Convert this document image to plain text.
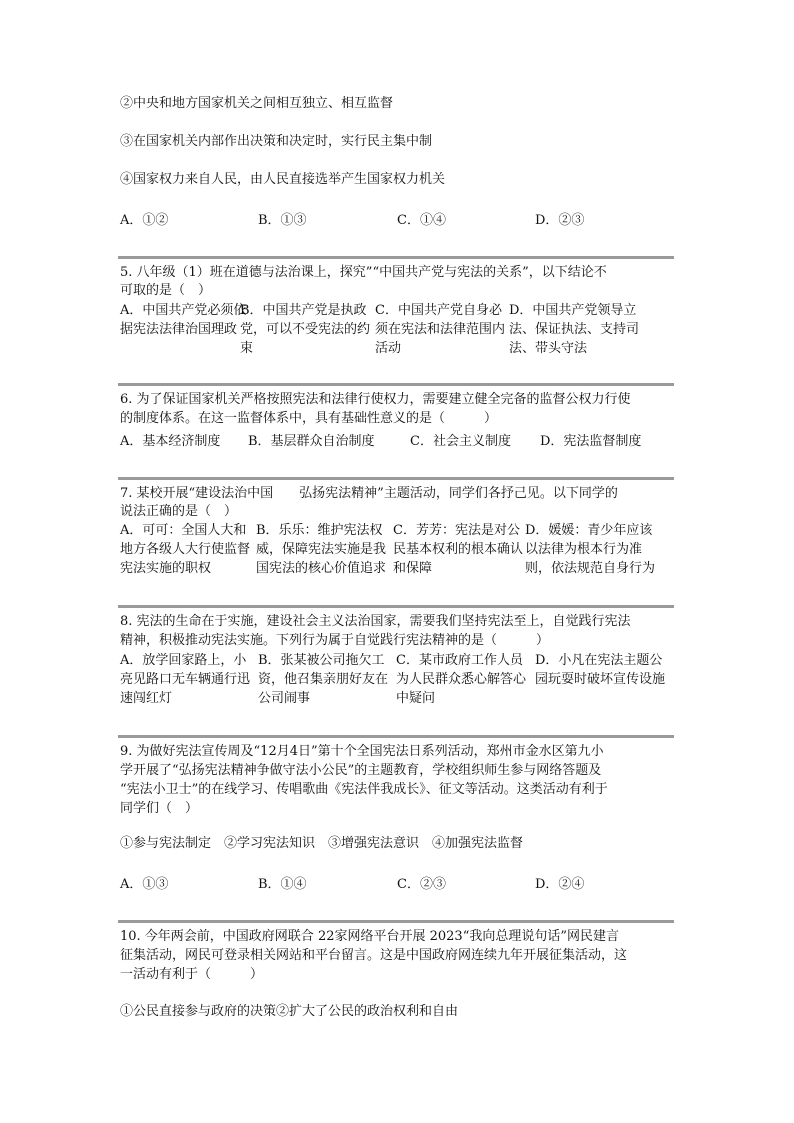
②中央和地方国家机关之间相互独立、相互监督
③在国家机关内部作出决策和决定时，实行民主集中制
④国家权力来自人民，由人民直接选举产生国家权力机关
A．①②	B．①③	C．①④	D．②③
5. 八年级（1）班在道德与法治课上，探究”“中国共产党与宪法的关系”，以下结论不
可取的是（　）
A．中国共产党必须依据宪法法律治国理政
B．中国共产党是执政党，可以不受宪法的约束
C．中国共产党自身必须在宪法和法律范围内活动
D．中国共产党领导立法、保证执法、支持司法、带头守法
6. 为了保证国家机关严格按照宪法和法律行使权力，需要建立健全完备的监督公权力行使
的制度体系。在这一监督体系中，具有基础性意义的是（　　　）
A．基本经济制度 B．基层群众自治制度	C．社会主义制度 D．宪法监督制度
7. 某校开展“建设法治中国　　弘扬宪法精神”主题活动，同学们各抒己见。以下同学的
说法正确的是（　）
A．可可：全国人大和地方各级人大行使监督宪法实施的职权
B．乐乐：维护宪法权威，保障宪法实施是我国宪法的核心价值追求
C．芳芳：宪法是对公民基本权利的根本确认和保障
D．媛媛：青少年应该以法律为根本行为准则，依法规范自身行为
8. 宪法的生命在于实施，建设社会主义法治国家，需要我们坚持宪法至上，自觉践行宪法
精神，积极推动宪法实施。下列行为属于自觉践行宪法精神的是（　　　）
A．放学回家路上，小亮见路口无车辆通行迅速闯红灯
B．张某被公司拖欠工资，他召集亲朋好友在公司闹事
C．某市政府工作人员为人民群众悉心解答心中疑问
D．小凡在宪法主题公园玩耍时破坏宣传设施
9. 为做好宪法宣传周及“12月4日”第十个全国宪法日系列活动，郑州市金水区第九小
学开展了“弘扬宪法精神争做守法小公民”的主题教育，学校组织师生参与网络答题及
“宪法小卫士”的在线学习、传唱歌曲《宪法伴我成长》、征文等活动。这类活动有利于
同学们（　）
①参与宪法制定　②学习宪法知识　③增强宪法意识　④加强宪法监督
A．①③	B．①④	C．②③	D．②④
10. 今年两会前，中国政府网联合 22家网络平台开展 2023“我向总理说句话”网民建言
征集活动，网民可登录相关网站和平台留言。这是中国政府网连续九年开展征集活动，这
一活动有利于（　　　）
①公民直接参与政府的决策②扩大了公民的政治权利和自由
